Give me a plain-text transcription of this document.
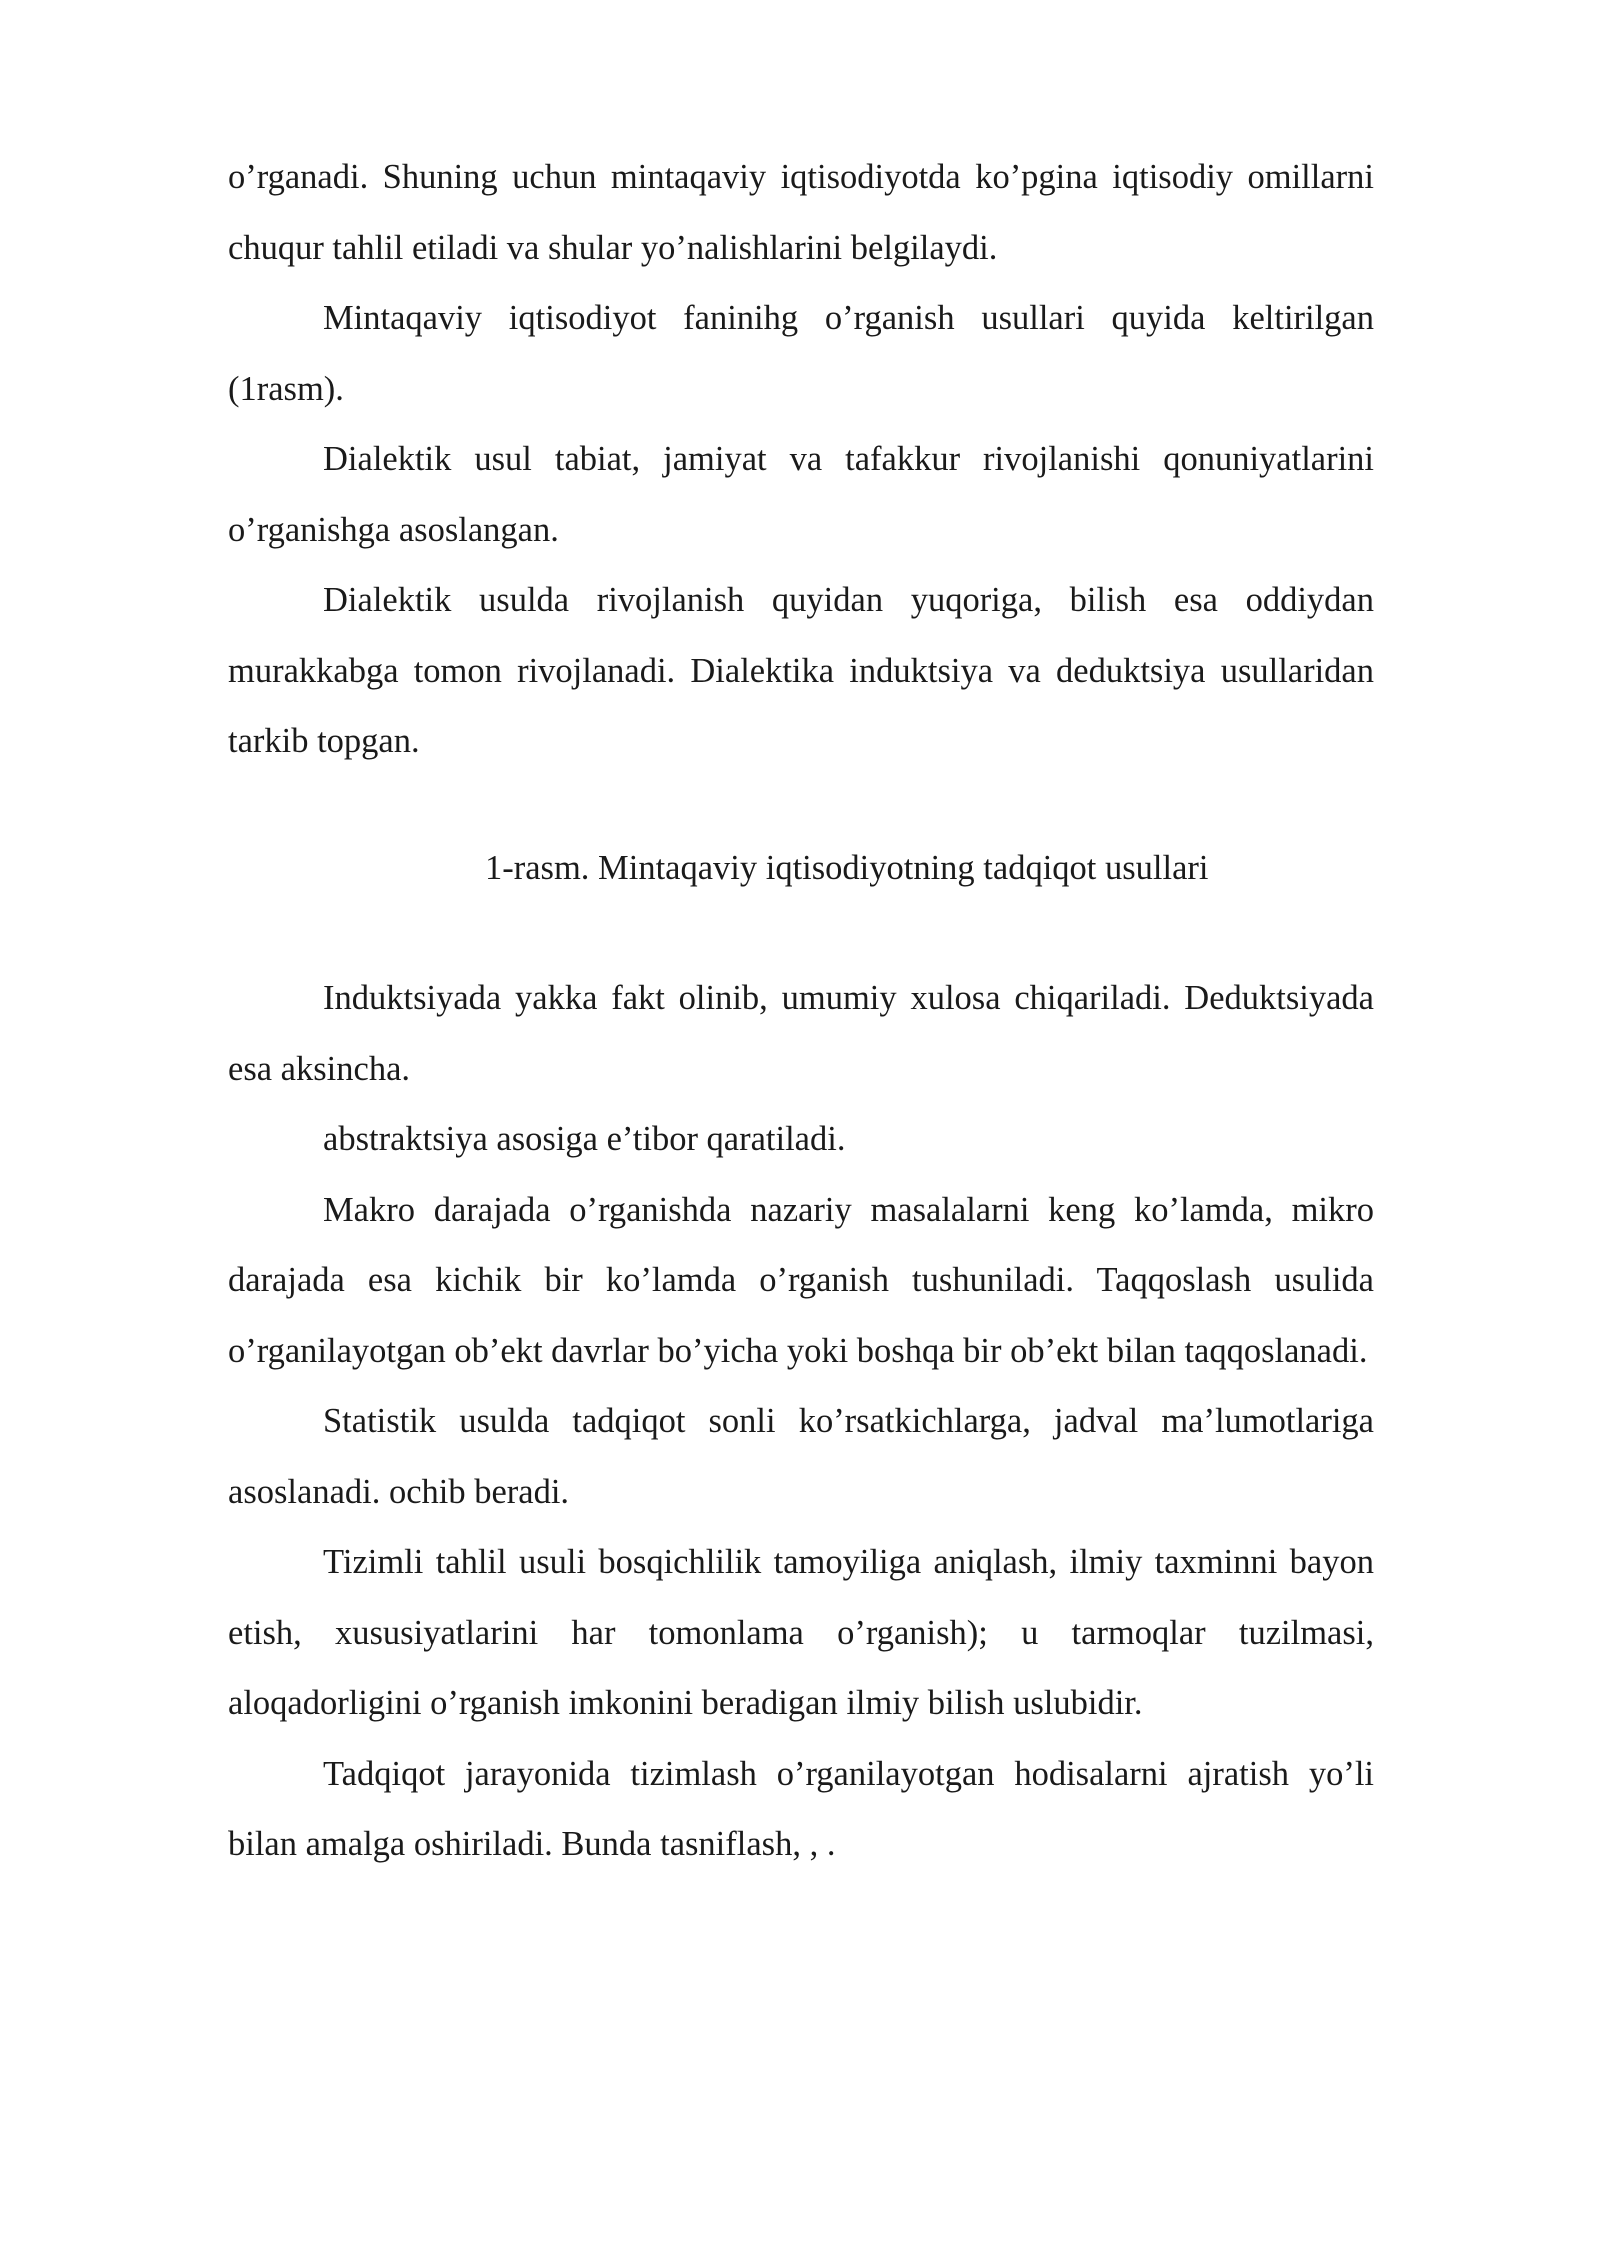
o’rganadi. Shuning uchun mintaqaviy iqtisodiyotda ko’pgina iqtisodiy omillarni chuqur tahlil etiladi va shular yo’nalishlarini belgilaydi.

Mintaqaviy iqtisodiyot faninihg o’rganish usullari quyida keltirilgan (1rasm).

Dialektik usul tabiat, jamiyat va tafakkur rivojlanishi qonuniyatlarini o’rganishga asoslangan.

Dialektik usulda rivojlanish quyidan yuqoriga, bilish esa oddiydan murakkabga tomon rivojlanadi. Dialektika induktsiya va deduktsiya usullaridan tarkib topgan.

1-rasm. Mintaqaviy iqtisodiyotning tadqiqot usullari

Induktsiyada yakka fakt olinib, umumiy xulosa chiqariladi. Deduktsiyada esa aksincha.

abstraktsiya asosiga e’tibor qaratiladi.

Makro darajada o’rganishda nazariy masalalarni keng ko’lamda, mikro darajada esa kichik bir ko’lamda o’rganish tushuniladi. Taqqoslash usulida o’rganilayotgan ob’ekt davrlar bo’yicha yoki boshqa bir ob’ekt bilan taqqoslanadi.

Statistik usulda tadqiqot sonli ko’rsatkichlarga, jadval ma’lumotlariga asoslanadi. ochib beradi.

Tizimli tahlil usuli bosqichlilik tamoyiliga aniqlash, ilmiy taxminni bayon etish, xususiyatlarini har tomonlama o’rganish); u tarmoqlar tuzilmasi, aloqadorligini o’rganish imkonini beradigan ilmiy bilish uslubidir.

Tadqiqot jarayonida tizimlash o’rganilayotgan hodisalarni ajratish yo’li bilan amalga oshiriladi. Bunda tasniflash, , .
